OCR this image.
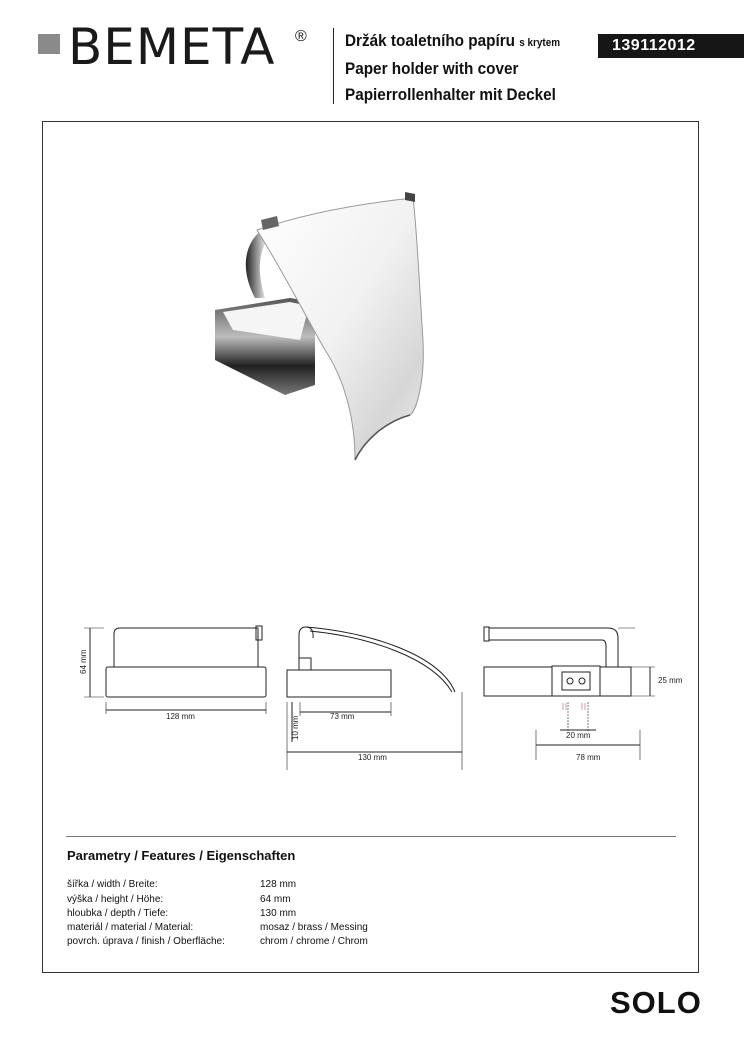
BEMETA ® Držák toaletního papíru s krytem
Paper holder with cover
Papierrollenhalter mit Deckel
139112012
64 mm
128 mm	10 mm	73 mm
130 mm
25 mm
20 mm
78 mm
Parametry / Features / Eigenschaften
šířka / width / Breite:	128 mm
výška / height / Höhe:	64 mm
hloubka / depth / Tiefe:	130 mm
materiál / material / Material:	mosaz / brass / Messing
povrch. úprava / finish / Oberfläche:	chrom / chrome / Chrom
SOLO
